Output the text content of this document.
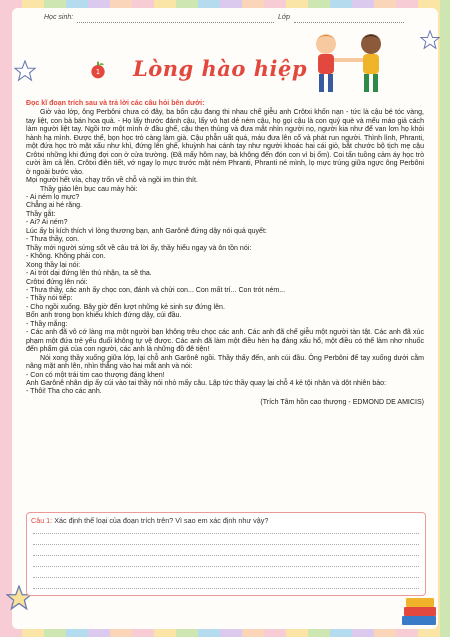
Học sinh:	Lớp
1	Lòng hào hiệp

Đọc kĩ đoạn trích sau và trả lời các câu hỏi bên dưới:

Giờ vào lớp, ông Perbôni chưa có đây, ba bốn cậu đang thi nhau chế giễu anh Crôtxi khốn nạn - tức là cậu bé tóc vàng, tay liệt, con bà bán hoa quả. - Họ lấy thước đánh cậu, lấy vỏ hạt dẻ ném cậu, họ gọi cậu là con quỷ què và mếu máo giả cách làm người liệt tay. Ngồi trơ một mình ở đầu ghế, cậu thẹn thùng và đưa mắt nhìn người nọ, người kia như để van lơn họ khỏi hành hạ mình. Được thể, bọn học trò càng làm già. Cậu phẫn uất quá, máu đưa lên cổ và phát run người. Thình lình, Phranti, một đứa học trò mặt xấu như khỉ, đứng lên ghế, khuỳnh hai cánh tay như người khoác hai cái giỏ, bắt chước bộ tịch mẹ cậu Crôtxi những khi đứng đợi con ở cửa trường. (Đã mấy hôm nay, bà không đến đón con vì bị ốm). Coi tấn tuồng cảm áy học trò cười ầm cả lên. Crôtxi điên tiết, vớ ngay lọ mực trước mặt ném Phranti, Phranti né mình, lọ mực trúng giữa ngực ông Perbôni ở ngoài bước vào.

Mọi người hết vía, chạy trốn về chỗ và ngồi im thin thít.

Thầy giáo lên bục cau mày hỏi:

- Ai ném lọ mực?

Chẳng ai hé răng.

Thầy gắt:

- Ai? Ai ném?

Lúc ấy bị kích thích vì lòng thương bạn, anh Garônê đứng dậy nói quả quyết:

- Thưa thầy, con.

Thầy mới người sửng sốt về câu trả lời ấy, thầy hiểu ngay và ôn tồn nói:

- Không. Không phải con.

Xong thầy lại nói:

- Ai trót dại đứng lên thú nhận, ta sẽ tha.

Crôtxi đứng lên nói:

- Thưa thầy, các anh ấy chọc con, đánh và chửi con... Con mất trí... Con trót ném...

- Thầy nói tiếp:

- Cho ngồi xuống. Bây giờ đến lượt những kẻ sinh sự đứng lên.

Bốn anh trong bọn khiếu khích đứng dậy, cúi đầu.

- Thầy mắng:

- Các anh đã vô cớ làng mạ một người bạn không trêu chọc các anh. Các anh đã chế giễu một người tàn tật. Các anh đã xúc phạm một đứa trẻ yếu đuối không tự vệ được. Các anh đã làm một điều hèn hạ đáng xấu hổ, một điều có thể làm nhơ nhuốc đến phẩm giá của con người, các anh là những đồ đê tiện!

Nói xong thầy xuống giữa lớp, lại chỗ anh Garônê ngồi. Thầy thấy đến, anh cúi đầu. Ông Perbôni để tay xuống dưới cằm nâng mặt anh lên, nhìn thẳng vào hai mắt anh và nói:

- Con có một trái tim cao thượng đáng khen!

Anh Garônê nhân dịp ấy cúi vào tai thầy nói nhỏ mấy câu. Lập tức thầy quay lại chỗ 4 kẻ tội nhân và dột nhiên bảo:

- Thôi! Tha cho các anh.

(Trích Tâm hồn cao thượng - EDMOND DE AMICIS)

Câu 1: Xác định thể loại của đoạn trích trên? Vì sao em xác định như vậy?
